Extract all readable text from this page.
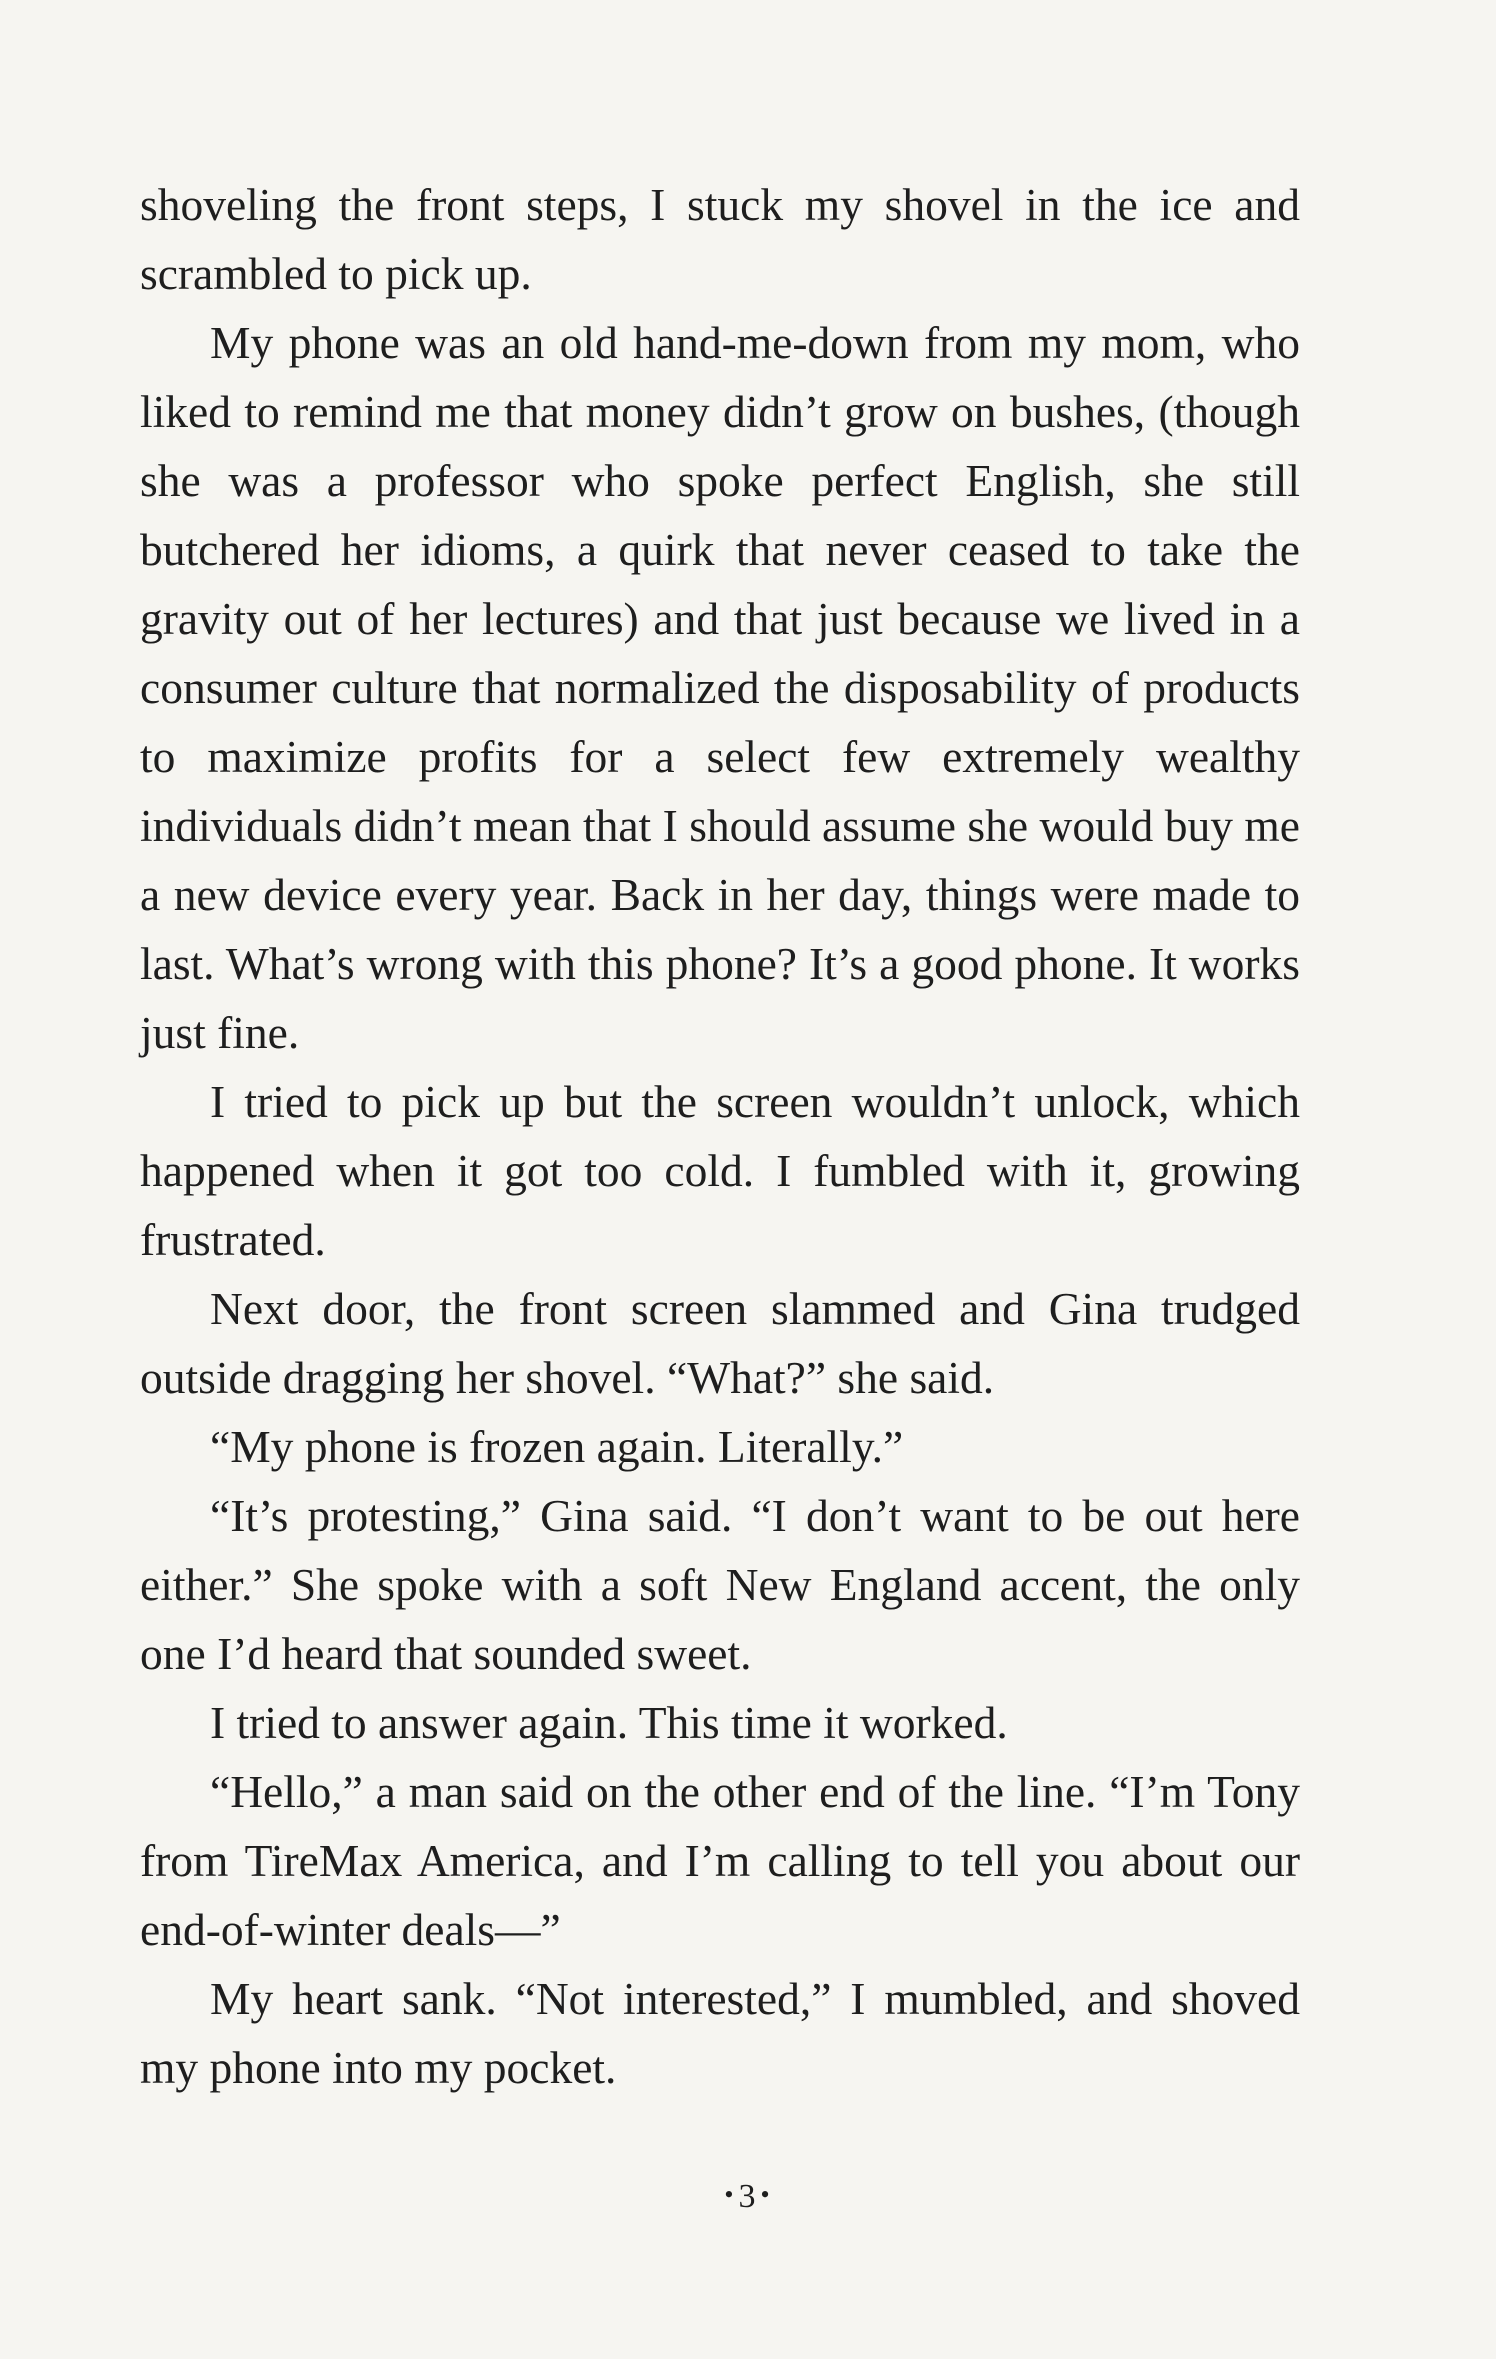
shoveling the front steps, I stuck my shovel in the ice and scrambled to pick up.

My phone was an old hand-me-down from my mom, who liked to remind me that money didn’t grow on bushes, (though she was a professor who spoke perfect English, she still butchered her idioms, a quirk that never ceased to take the gravity out of her lectures) and that just because we lived in a consumer culture that normalized the disposability of products to maximize profits for a select few extremely wealthy individuals didn’t mean that I should assume she would buy me a new device every year. Back in her day, things were made to last. What’s wrong with this phone? It’s a good phone. It works just fine.

I tried to pick up but the screen wouldn’t unlock, which happened when it got too cold. I fumbled with it, growing frustrated.

Next door, the front screen slammed and Gina trudged outside dragging her shovel. “What?” she said.

“My phone is frozen again. Literally.”

“It’s protesting,” Gina said. “I don’t want to be out here either.” She spoke with a soft New England accent, the only one I’d heard that sounded sweet.

I tried to answer again. This time it worked.

“Hello,” a man said on the other end of the line. “I’m Tony from TireMax America, and I’m calling to tell you about our end-of-winter deals—”

My heart sank. “Not interested,” I mumbled, and shoved my phone into my pocket.

•3 •
